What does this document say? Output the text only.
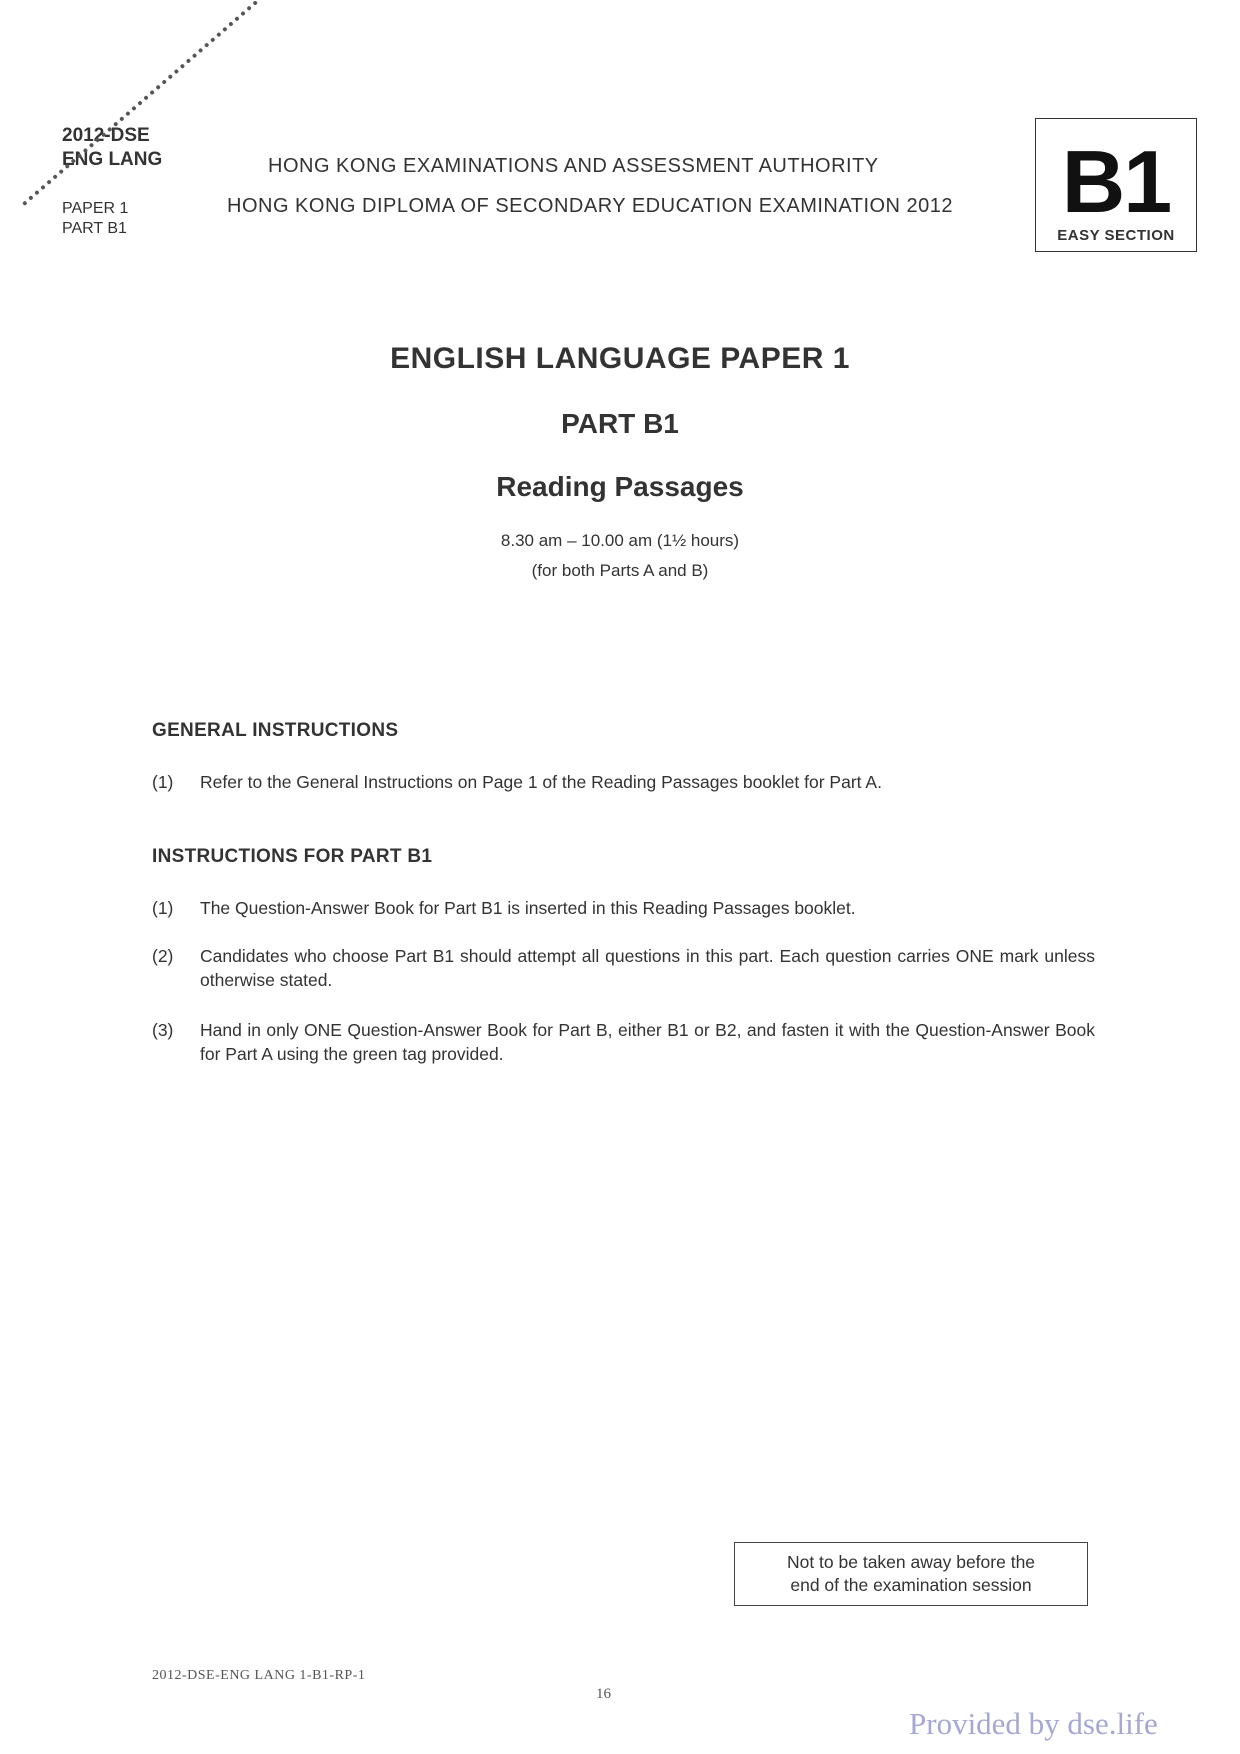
2012-DSE
ENG LANG
PAPER 1
PART B1
HONG KONG EXAMINATIONS AND ASSESSMENT AUTHORITY
HONG KONG DIPLOMA OF SECONDARY EDUCATION EXAMINATION 2012 B1
EASY SECTION
ENGLISH LANGUAGE PAPER 1
PART B1
Reading Passages
8.30 am – 10.00 am (1½ hours)
(for both Parts A and B)
GENERAL INSTRUCTIONS
(1) Refer to the General Instructions on Page 1 of the Reading Passages booklet for Part A.
INSTRUCTIONS FOR PART B1
(1) The Question-Answer Book for Part B1 is inserted in this Reading Passages booklet.
(2) Candidates who choose Part B1 should attempt all questions in this part. Each question carries ONE mark unless otherwise stated.
(3) Hand in only ONE Question-Answer Book for Part B, either B1 or B2, and fasten it with the Question-Answer Book for Part A using the green tag provided.
Not to be taken away before the
end of the examination session
2012-DSE-ENG LANG 1-B1-RP-1
16
Provided by dse.life
